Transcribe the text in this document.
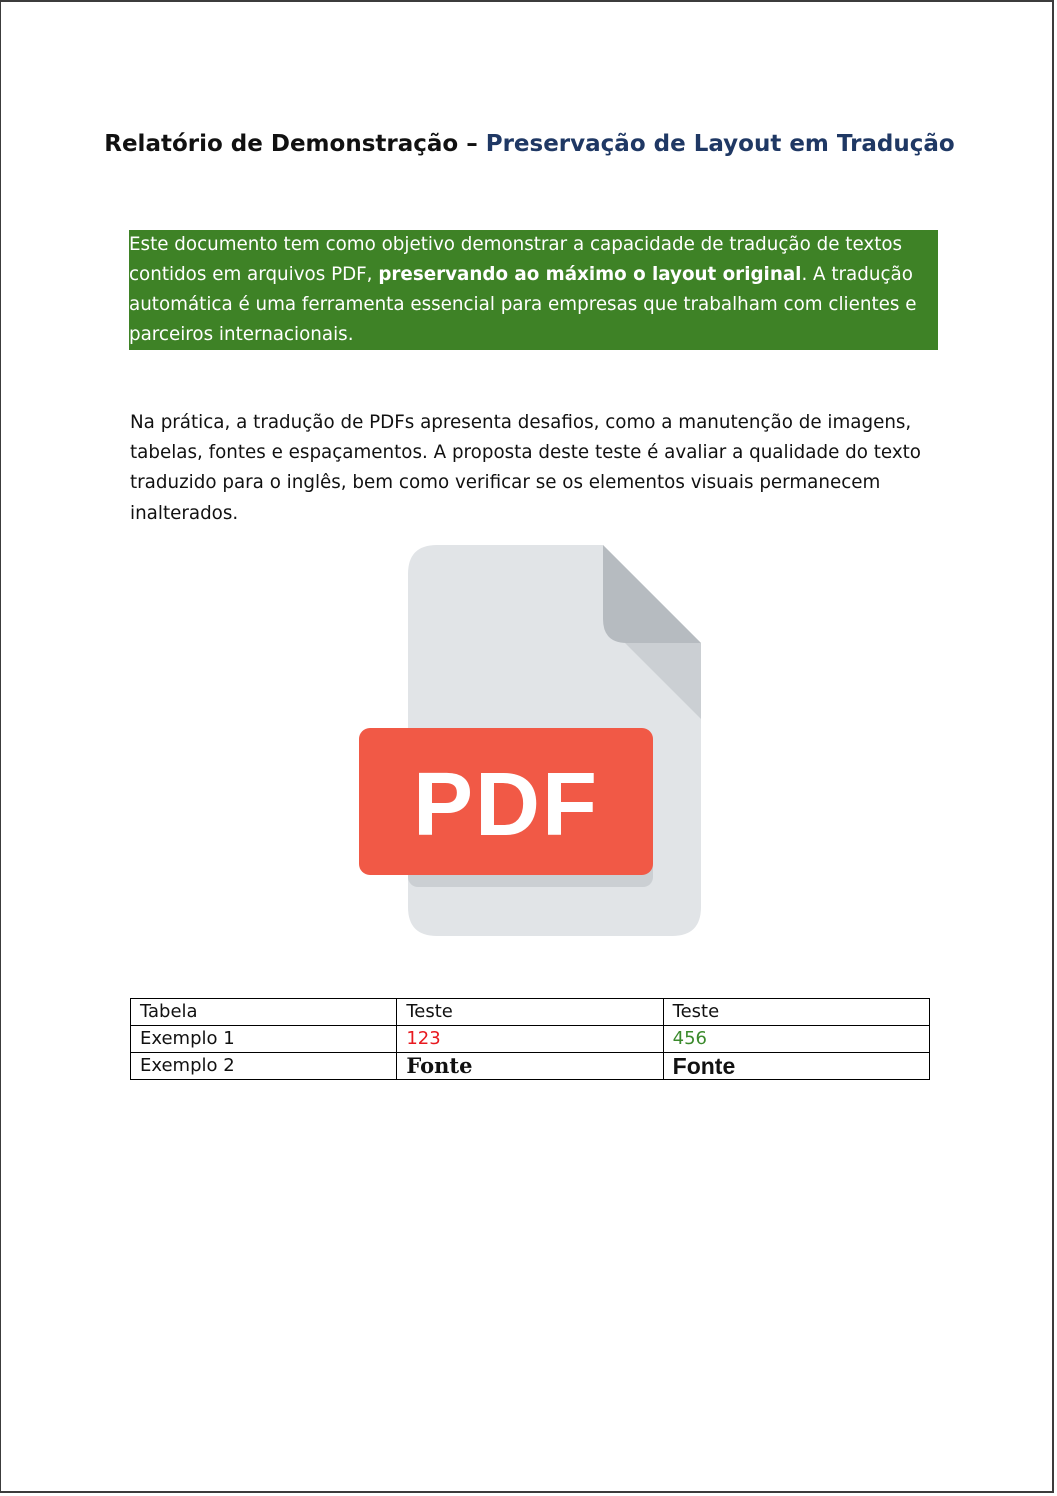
Relatório de Demonstração – Preservação de Layout em Tradução
Este documento tem como objetivo demonstrar a capacidade de tradução de textos
contidos em arquivos PDF, preservando ao máximo o layout original. A tradução
automática é uma ferramenta essencial para empresas que trabalham com clientes e
parceiros internacionais.
Na prática, a tradução de PDFs apresenta desafios, como a manutenção de imagens,
tabelas, fontes e espaçamentos. A proposta deste teste é avaliar a qualidade do texto
traduzido para o inglês, bem como verificar se os elementos visuais permanecem
inalterados.
PDF
Tabela	Teste	Teste
Exemplo 1	123	456
Exemplo 2	Fonte	Fonte
